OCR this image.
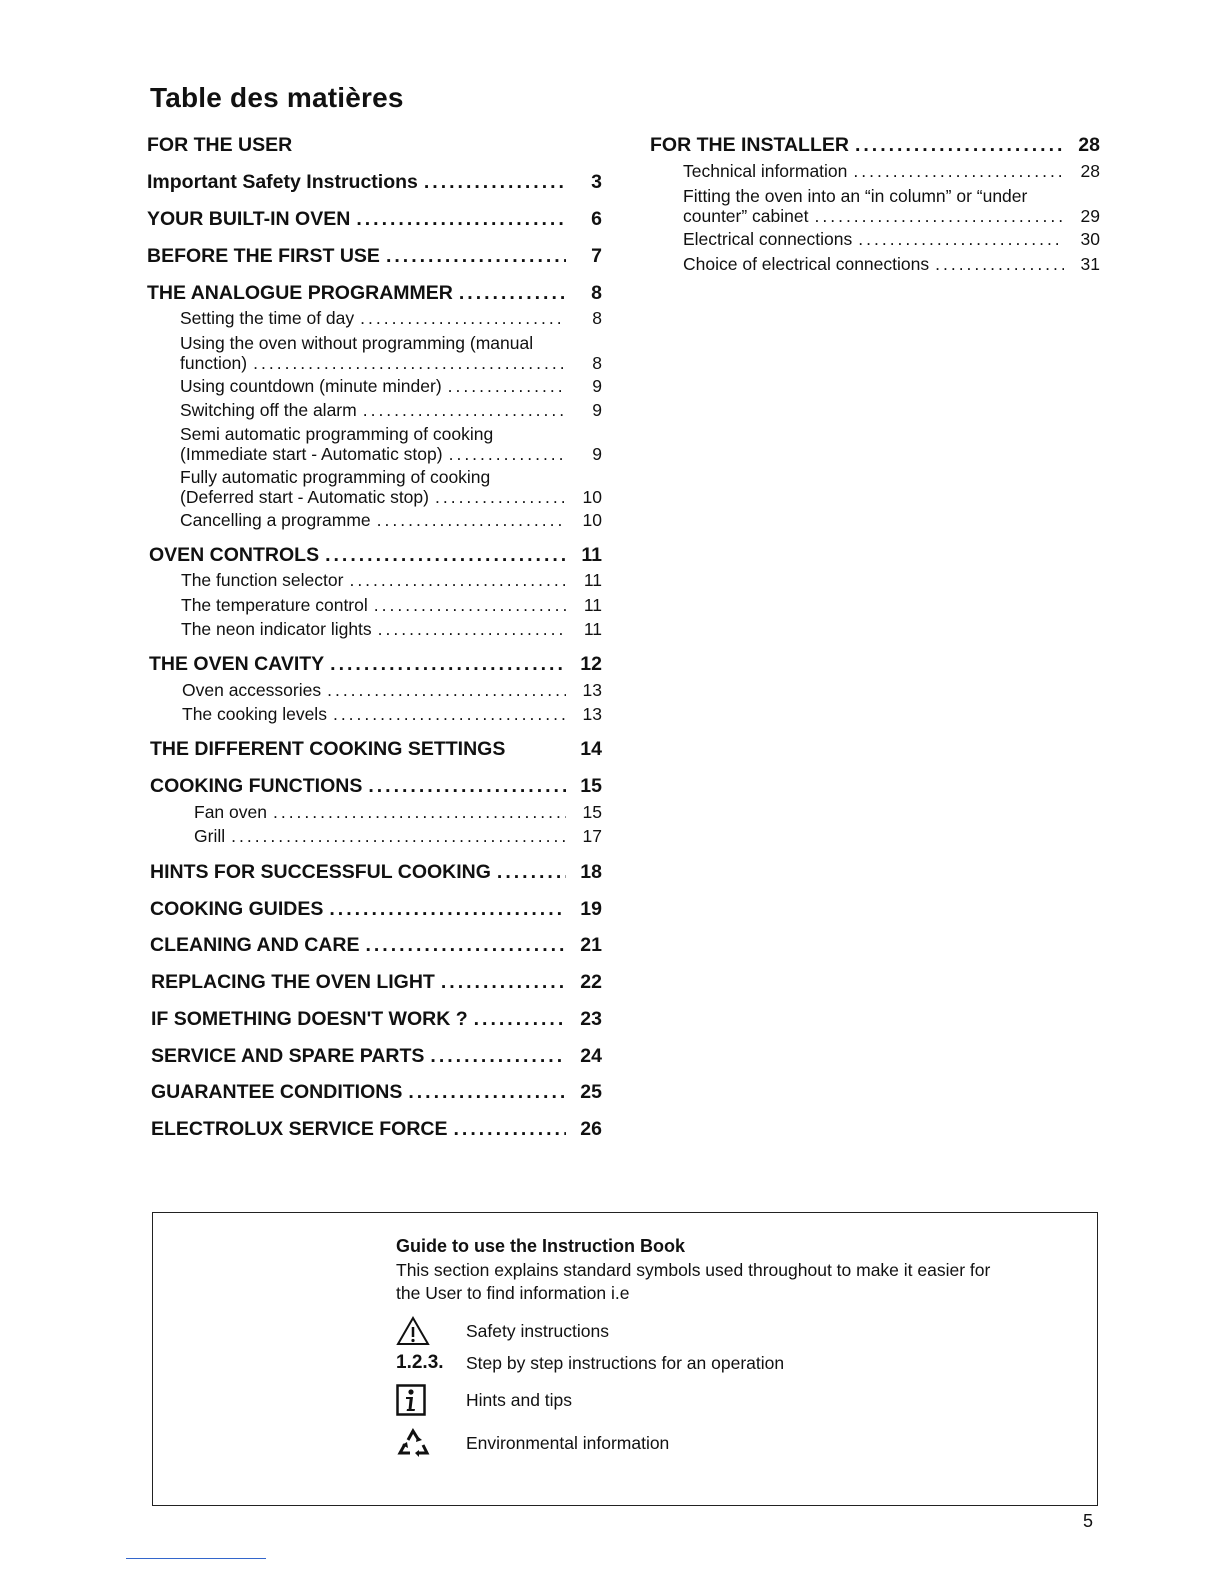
Table des matières
FOR THE USER
Important Safety Instructions .....	3
YOUR BUILT-IN OVEN .....	6
BEFORE THE FIRST USE .....	7
THE ANALOGUE PROGRAMMER .....	8
Setting the time of day .....	8
Using the oven without programming (manual
function) .....	8
Using countdown (minute minder) .....	9
Switching off the alarm .....	9
Semi automatic programming of cooking
(Immediate start - Automatic stop) .....	9
Fully automatic programming of cooking
(Deferred start - Automatic stop) .....	10
Cancelling a programme .....	10
OVEN CONTROLS .....	11
The function selector .....	11
The temperature control .....	11
The neon indicator lights .....	11
THE OVEN CAVITY .....	12
Oven accessories .....	13
The cooking levels .....	13
THE DIFFERENT COOKING SETTINGS	14
COOKING FUNCTIONS .....	15
Fan oven .....	15
Grill .....	17
HINTS FOR SUCCESSFUL COOKING .....	18
COOKING GUIDES .....	19
CLEANING AND CARE .....	21
REPLACING THE OVEN LIGHT .....	22
IF SOMETHING DOESN'T WORK ? .....	23
SERVICE AND SPARE PARTS .....	24
GUARANTEE CONDITIONS .....	25
ELECTROLUX SERVICE FORCE .....	26
FOR THE INSTALLER .....	28
Technical information .....	28
Fitting the oven into an “in column” or “under
counter” cabinet .....	29
Electrical connections .....	30
Choice of electrical connections .....	31
Guide to use the Instruction Book
This section explains standard symbols used throughout to make it easier for the User to find information i.e
Safety instructions
1.2.3.	Step by step instructions for an operation
Hints and tips
Environmental information
5
